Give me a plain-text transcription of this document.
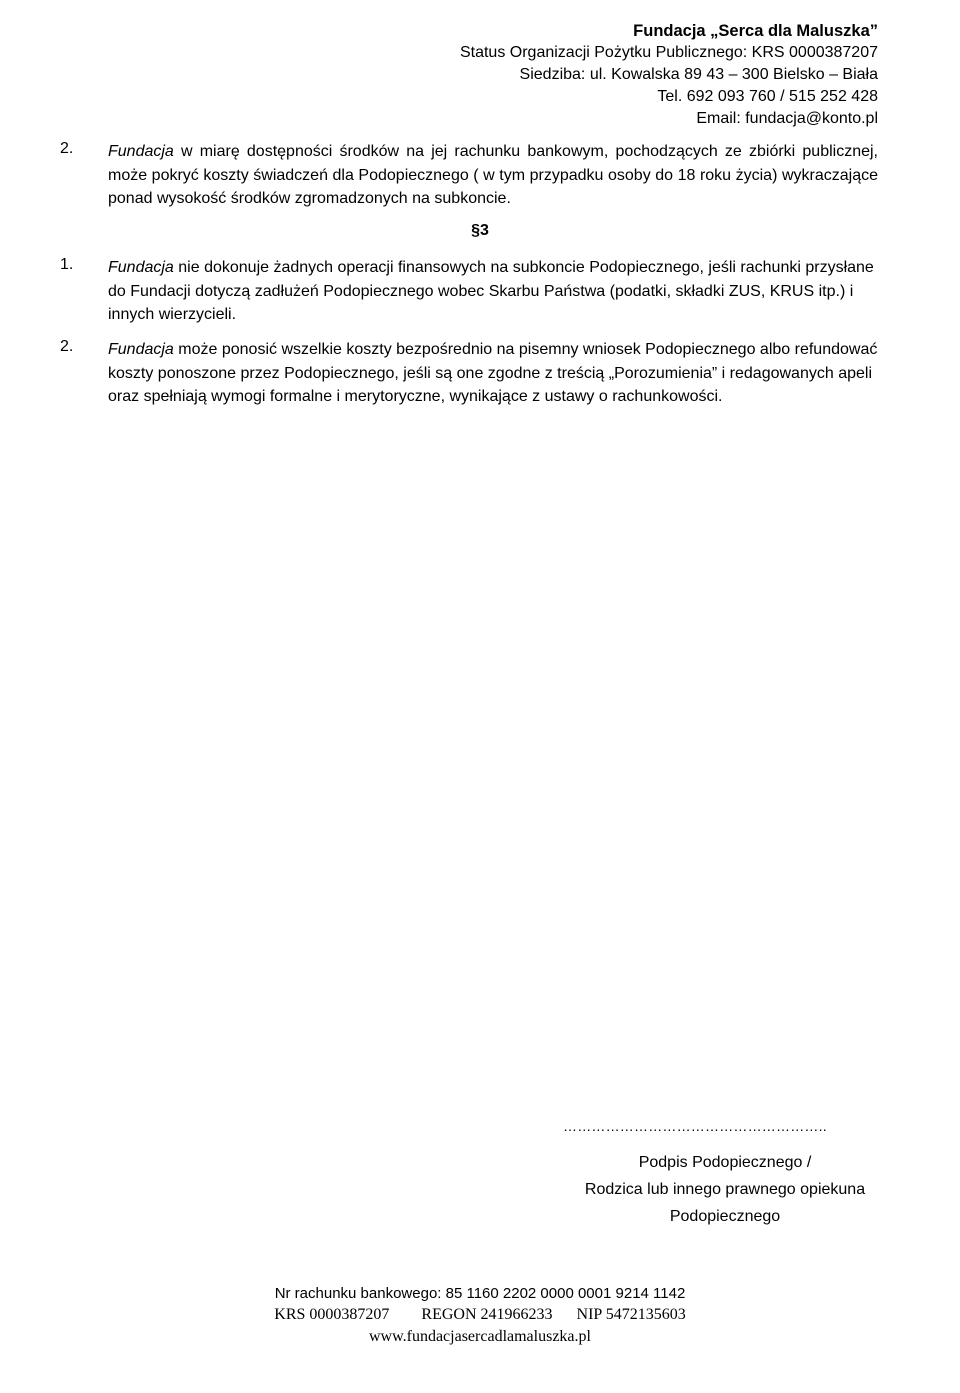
Fundacja „Serca dla Maluszka”
Status Organizacji Pożytku Publicznego: KRS 0000387207
Siedziba: ul. Kowalska 89 43 – 300 Bielsko – Biała
Tel. 692 093 760 / 515 252 428
Email: fundacja@konto.pl
2. Fundacja w miarę dostępności środków na jej rachunku bankowym, pochodzących ze zbiórki publicznej, może pokryć koszty świadczeń dla Podopiecznego ( w tym przypadku osoby do 18 roku życia) wykraczające ponad wysokość środków zgromadzonych na subkoncie.
§3
1. Fundacja nie dokonuje żadnych operacji finansowych na subkoncie Podopiecznego, jeśli rachunki przysłane do Fundacji dotyczą zadłużeń Podopiecznego wobec Skarbu Państwa (podatki, składki ZUS, KRUS itp.) i innych wierzycieli.
2. Fundacja może ponosić wszelkie koszty bezpośrednio na pisemny wniosek Podopiecznego albo refundować koszty ponoszone przez Podopiecznego, jeśli są one zgodne z treścią „Porozumienia” i redagowanych apeli oraz spełniają wymogi formalne i merytoryczne, wynikające z ustawy o rachunkowości.
………………………………………………..
Podpis Podopiecznego /
Rodzica lub innego prawnego opiekuna
Podopiecznego
Nr rachunku bankowego: 85 1160 2202 0000 0001 9214 1142
KRS 0000387207        REGON 241966233      NIP 5472135603
www.fundacjasercadlamaluszka.pl
